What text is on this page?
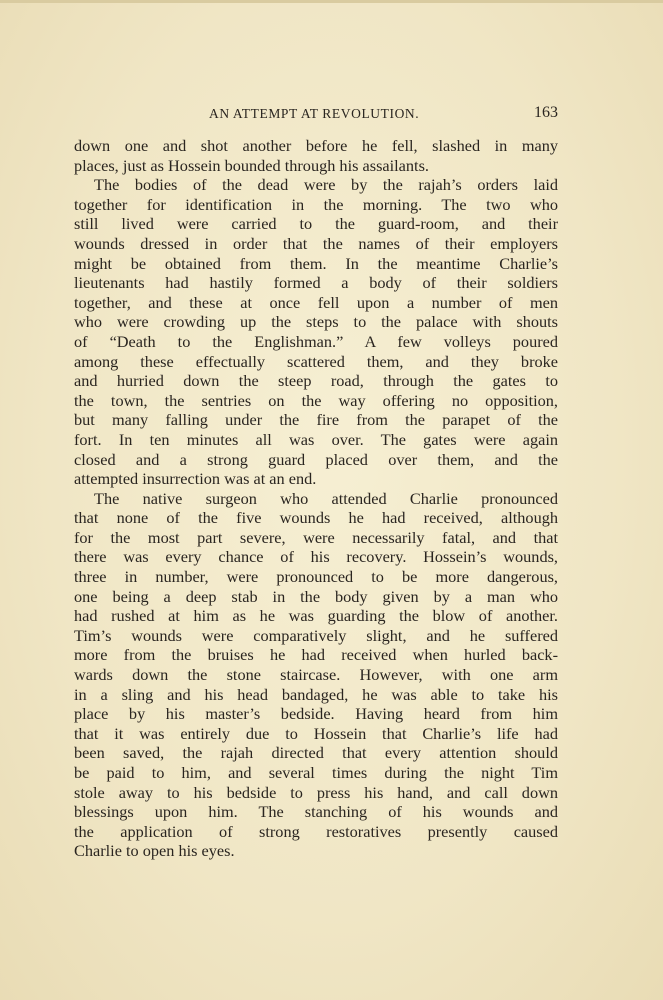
AN ATTEMPT AT REVOLUTION.	163
down one and shot another before he fell, slashed in many
places, just as Hossein bounded through his assailants.
The bodies of the dead were by the rajah’s orders laid
together for identification in the morning. The two who
still lived were carried to the guard-room, and their
wounds dressed in order that the names of their employers
might be obtained from them. In the meantime Charlie’s
lieutenants had hastily formed a body of their soldiers
together, and these at once fell upon a number of men
who were crowding up the steps to the palace with shouts
of “Death to the Englishman.” A few volleys poured
among these effectually scattered them, and they broke
and hurried down the steep road, through the gates to
the town, the sentries on the way offering no opposition,
but many falling under the fire from the parapet of the
fort. In ten minutes all was over. The gates were again
closed and a strong guard placed over them, and the
attempted insurrection was at an end.
The native surgeon who attended Charlie pronounced
that none of the five wounds he had received, although
for the most part severe, were necessarily fatal, and that
there was every chance of his recovery. Hossein’s wounds,
three in number, were pronounced to be more dangerous,
one being a deep stab in the body given by a man who
had rushed at him as he was guarding the blow of another.
Tim’s wounds were comparatively slight, and he suffered
more from the bruises he had received when hurled back-
wards down the stone staircase. However, with one arm
in a sling and his head bandaged, he was able to take his
place by his master’s bedside. Having heard from him
that it was entirely due to Hossein that Charlie’s life had
been saved, the rajah directed that every attention should
be paid to him, and several times during the night Tim
stole away to his bedside to press his hand, and call down
blessings upon him. The stanching of his wounds and
the application of strong restoratives presently caused
Charlie to open his eyes.
